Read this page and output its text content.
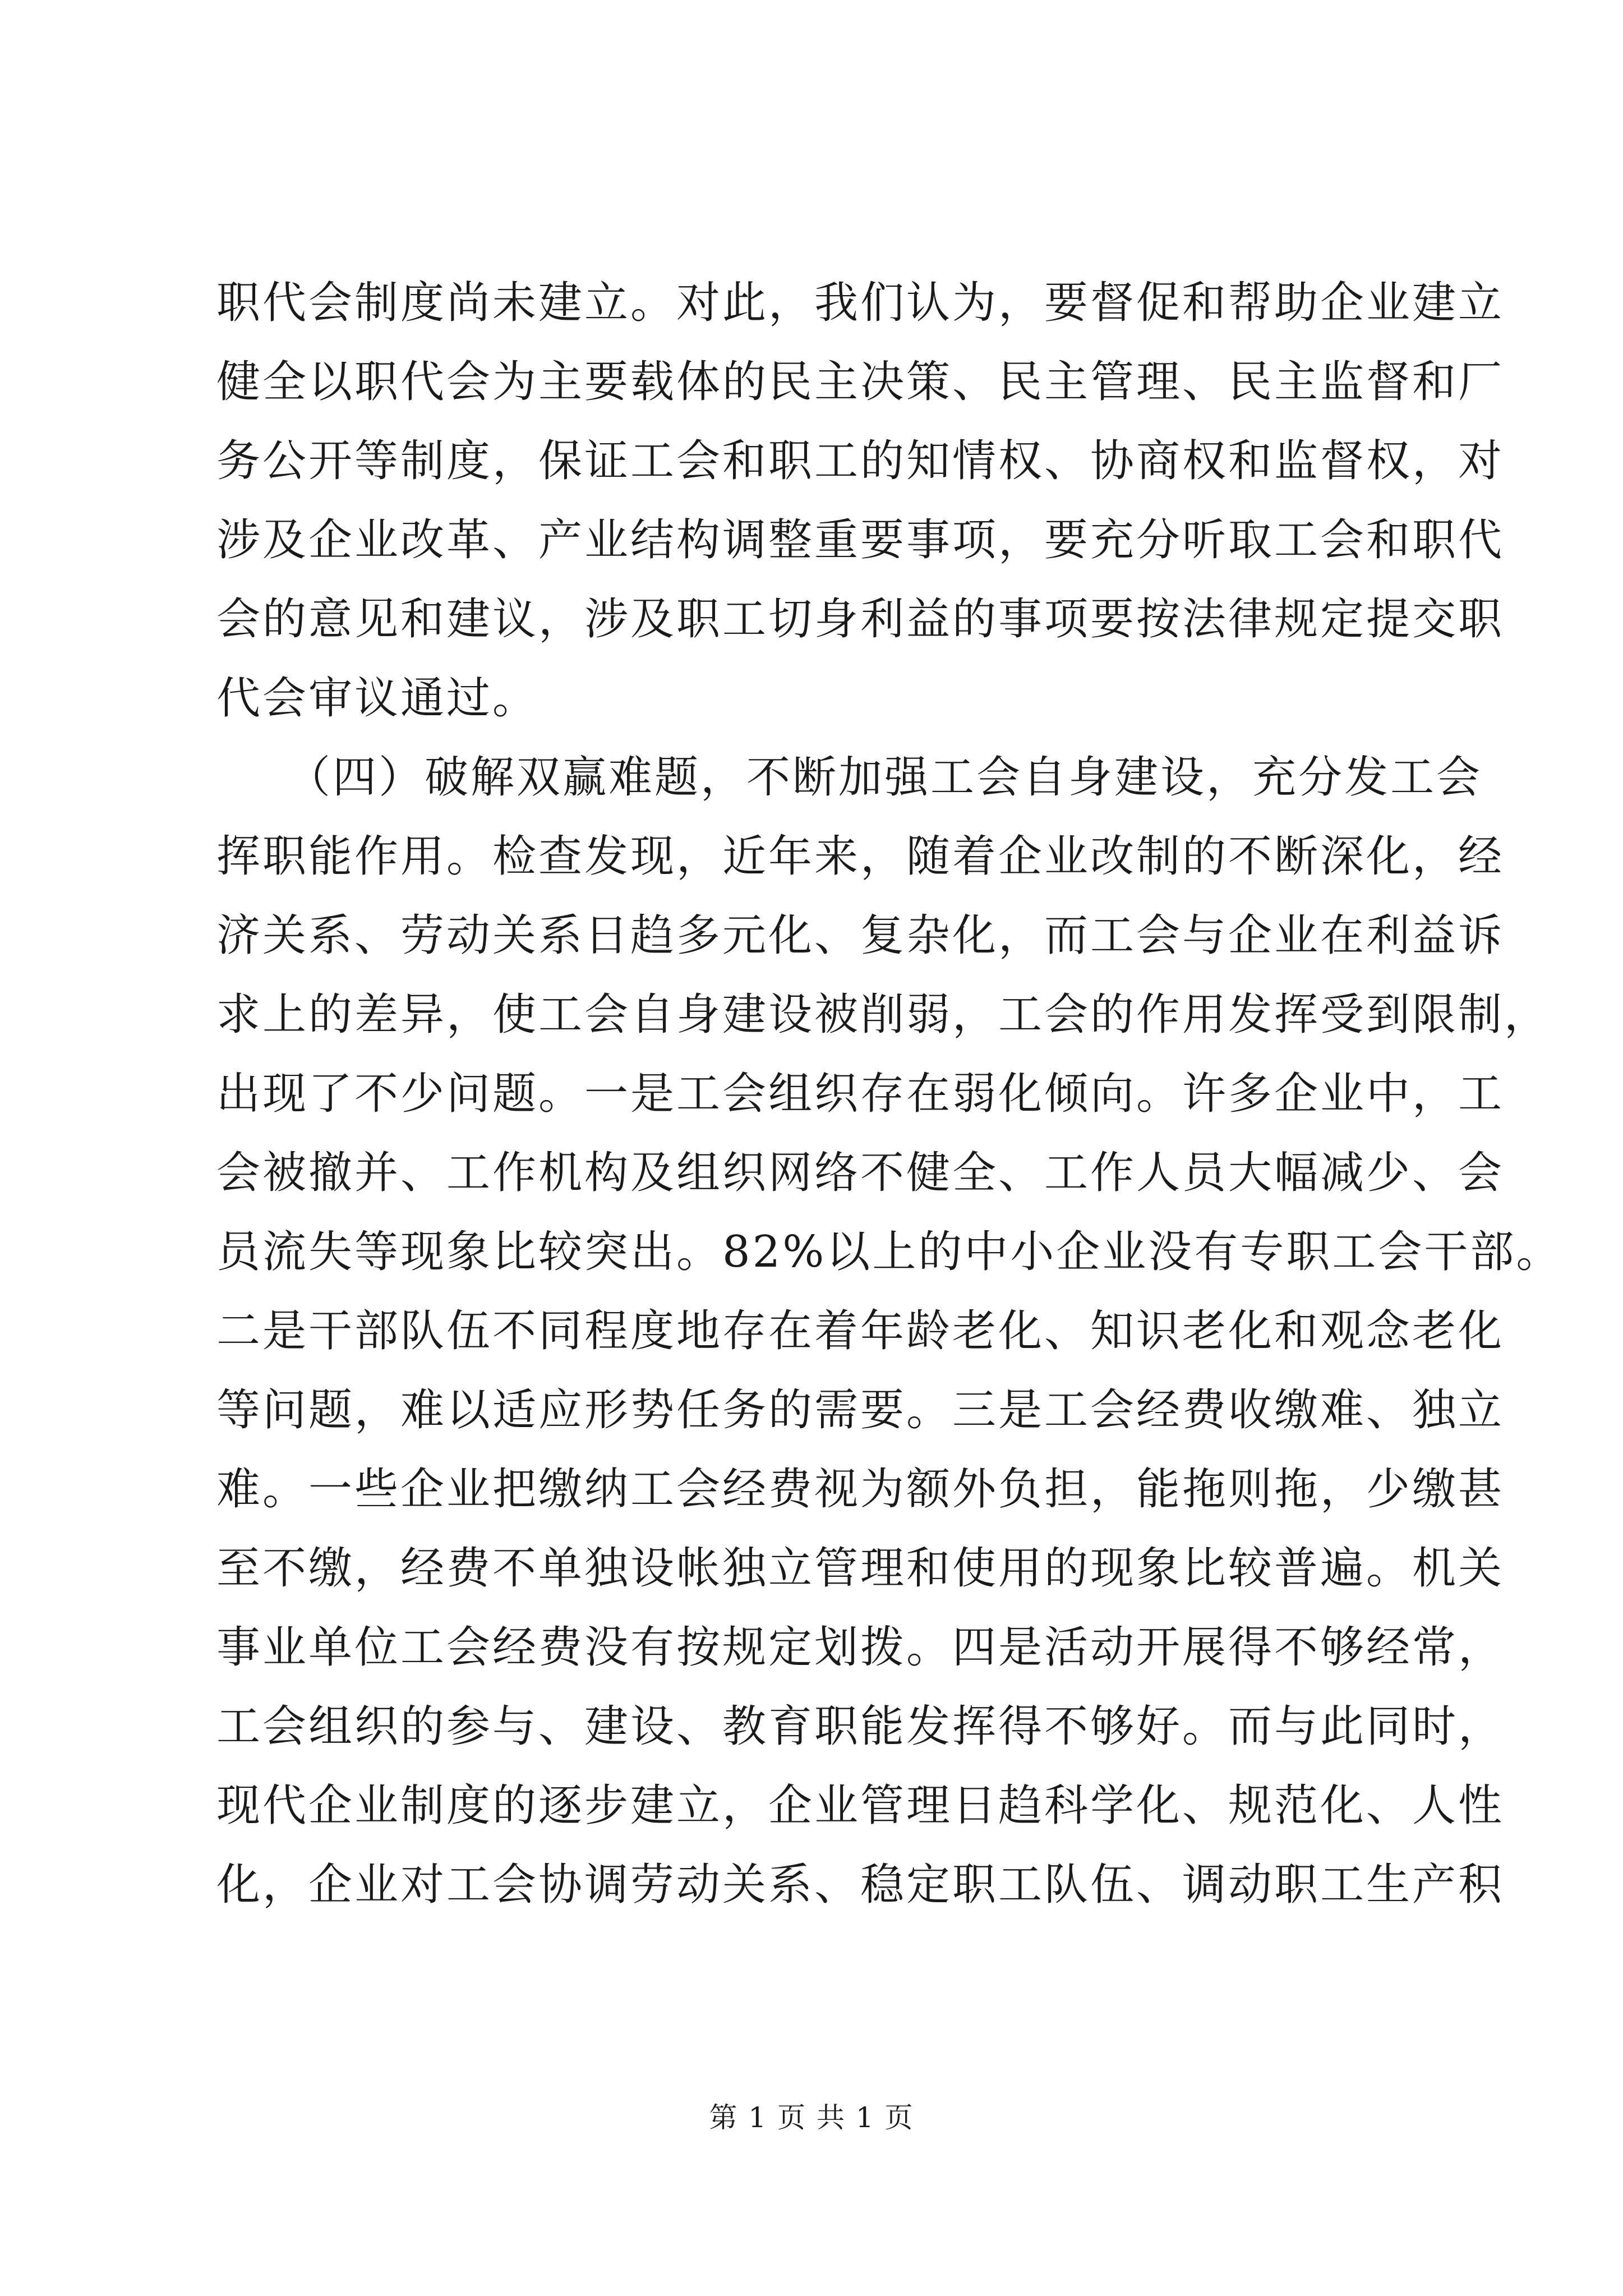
职代会制度尚未建立。对此，我们认为，要督促和帮助企业建立
健全以职代会为主要载体的民主决策、民主管理、民主监督和厂
务公开等制度，保证工会和职工的知情权、协商权和监督权，对
涉及企业改革、产业结构调整重要事项，要充分听取工会和职代
会的意见和建议，涉及职工切身利益的事项要按法律规定提交职
代会审议通过。
　　（四）破解双赢难题，不断加强工会自身建设，充分发工会
挥职能作用。检查发现，近年来，随着企业改制的不断深化，经
济关系、劳动关系日趋多元化、复杂化，而工会与企业在利益诉
求上的差异，使工会自身建设被削弱，工会的作用发挥受到限制，
出现了不少问题。一是工会组织存在弱化倾向。许多企业中，工
会被撤并、工作机构及组织网络不健全、工作人员大幅减少、会
员流失等现象比较突出。82%以上的中小企业没有专职工会干部。
二是干部队伍不同程度地存在着年龄老化、知识老化和观念老化
等问题，难以适应形势任务的需要。三是工会经费收缴难、独立
难。一些企业把缴纳工会经费视为额外负担，能拖则拖，少缴甚
至不缴，经费不单独设帐独立管理和使用的现象比较普遍。机关
事业单位工会经费没有按规定划拨。四是活动开展得不够经常，
工会组织的参与、建设、教育职能发挥得不够好。而与此同时，
现代企业制度的逐步建立，企业管理日趋科学化、规范化、人性
化，企业对工会协调劳动关系、稳定职工队伍、调动职工生产积
第 1 页 共 1 页
